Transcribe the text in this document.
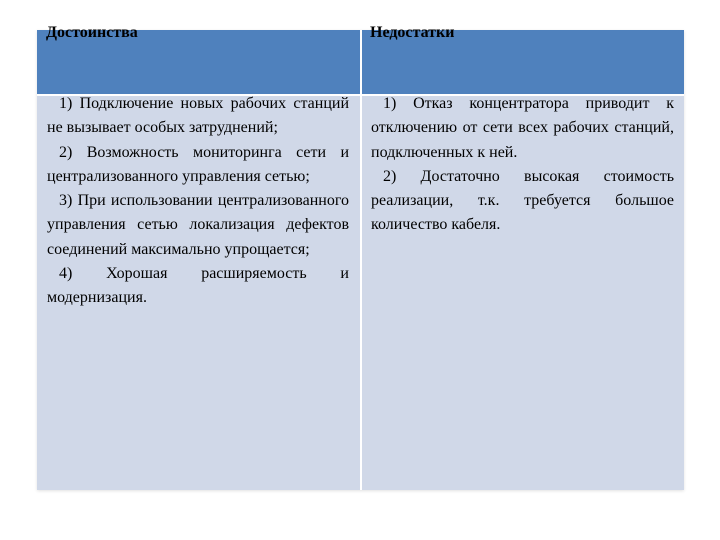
Достоинства	Недостатки

1) Подключение новых рабочих станций не вызывает особых затруднений;

2) Возможность мониторинга сети и централизованного управления сетью;

3) При использовании централизованного управления сетью локализация дефектов соединений максимально упрощается;

4) Хорошая расширяемость и модернизация.

1) Отказ концентратора приводит к отключению от сети всех рабочих станций, подключенных к ней.

2) Достаточно высокая стоимость реализации, т.к. требуется большое количество кабеля.
